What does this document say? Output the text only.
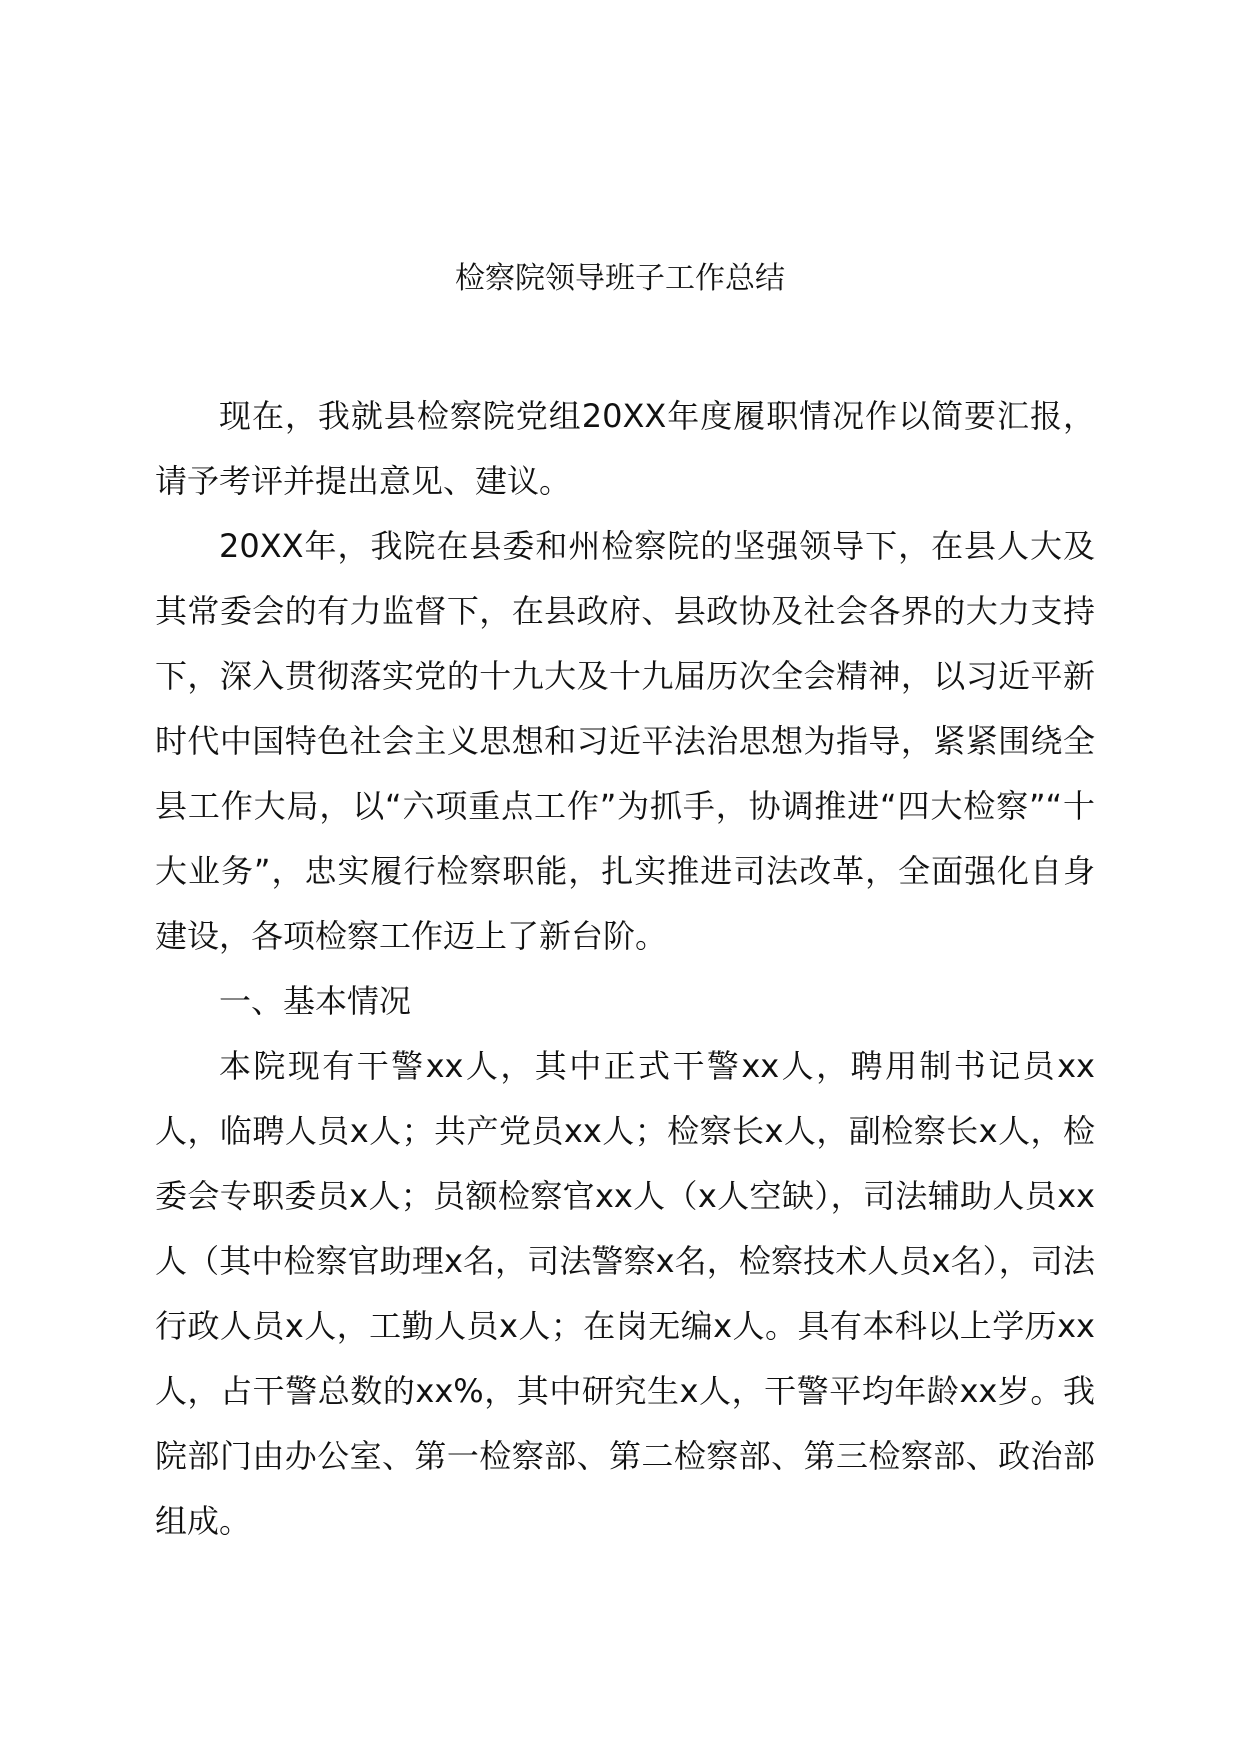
检察院领导班子工作总结

现在，我就县检察院党组20XX年度履职情况作以简要汇报，请予考评并提出意见、建议。

20XX年，我院在县委和州检察院的坚强领导下，在县人大及其常委会的有力监督下，在县政府、县政协及社会各界的大力支持下，深入贯彻落实党的十九大及十九届历次全会精神，以习近平新时代中国特色社会主义思想和习近平法治思想为指导，紧紧围绕全县工作大局，以“六项重点工作”为抓手，协调推进“四大检察”“十大业务”，忠实履行检察职能，扎实推进司法改革，全面强化自身建设，各项检察工作迈上了新台阶。

一、基本情况

本院现有干警xx人，其中正式干警xx人，聘用制书记员xx人，临聘人员x人；共产党员xx人；检察长x人，副检察长x人，检委会专职委员x人；员额检察官xx人（x人空缺），司法辅助人员xx人（其中检察官助理x名，司法警察x名，检察技术人员x名），司法行政人员x人，工勤人员x人；在岗无编x人。具有本科以上学历xx人，占干警总数的xx%，其中研究生x人，干警平均年龄xx岁。我院部门由办公室、第一检察部、第二检察部、第三检察部、政治部组成。
